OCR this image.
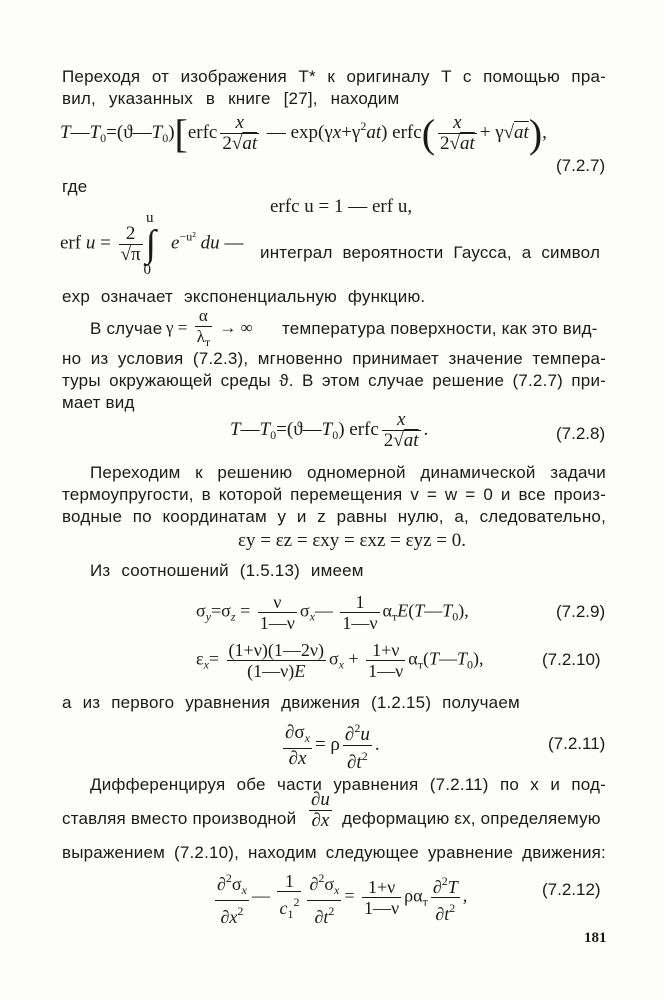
Переходя от изображения T* к оригиналу T с помощью пра-
вил, указанных в книге [27], находим
$T—T_0=(ϑ—T_0)[erfc \frac{x}{2√at}$ — $\exp(\gamma x+\gamma^2at)$ erfc( $\frac{x}{2√at} + \gamma√at$),
(7.2.7)
где
erfc u = 1 — erf u,
erf $u = \frac{2}{√\pi} \int^u_0e^{-u^2}$ du — интеграл вероятности Гаусса, а символ
exp означает экспоненциальную функцию.
В случае $\gamma = \frac{\alpha}{\lambda_т}$ → ∞ температура поверхности, как это вид-
но из условия (7.2.3), мгновенно принимает значение темпера-
туры окружающей среды ϑ. В этом случае решение (7.2.7) при-
мает вид
$T—T_0=(ϑ—T_0)$ erfc $\frac{x}{2√at}$ .	(7.2.8)
Переходим к решению одномерной динамической задачи
термоупругости, в которой перемещения v = w = 0 и все произ-
водные по координатам y и z равны нулю, а, следовательно,
εy = εz = εxy = εxz = εyz = 0.
Из соотношений (1.5.13) имеем
$\sigma_y=\sigma_z = \frac{\nu}{1—\nu}$ $\sigma_x— \frac{1}{1—\nu}$ $\alpha_тE(T—T_0)$,	(7.2.9)
$\varepsilon_x= \frac{(1+\nu)(1—2\nu)}{(1—\nu)E} \sigma_x + \frac{1+\nu}{1—\nu}$ $\alpha_т(T—T_0)$,	(7.2.10)
а из первого уравнения движения (1.2.15) получаем
$\frac{\partial\sigma_x}{\partial x} = \rho \frac{\partial^2u}{\partial t^2}$ .	(7.2.11)
Дифференцируя обе части уравнения (7.2.11) по x и под-
ставляя вместо производной $\frac{\partial u}{\partial x}$ деформацию εx, определяемую
выражением (7.2.10), находим следующее уравнение движения:
$\frac{\partial^2\sigma_x}{\partial x^2}$ — $\frac{1}{c_1^2} \frac{\partial^2\sigma_x}{\partial t^2} = \frac{1+\nu}{1—\nu} \rho\alpha_т \frac{\partial^2T}{\partial t^2}$ ,	(7.2.12)
181
